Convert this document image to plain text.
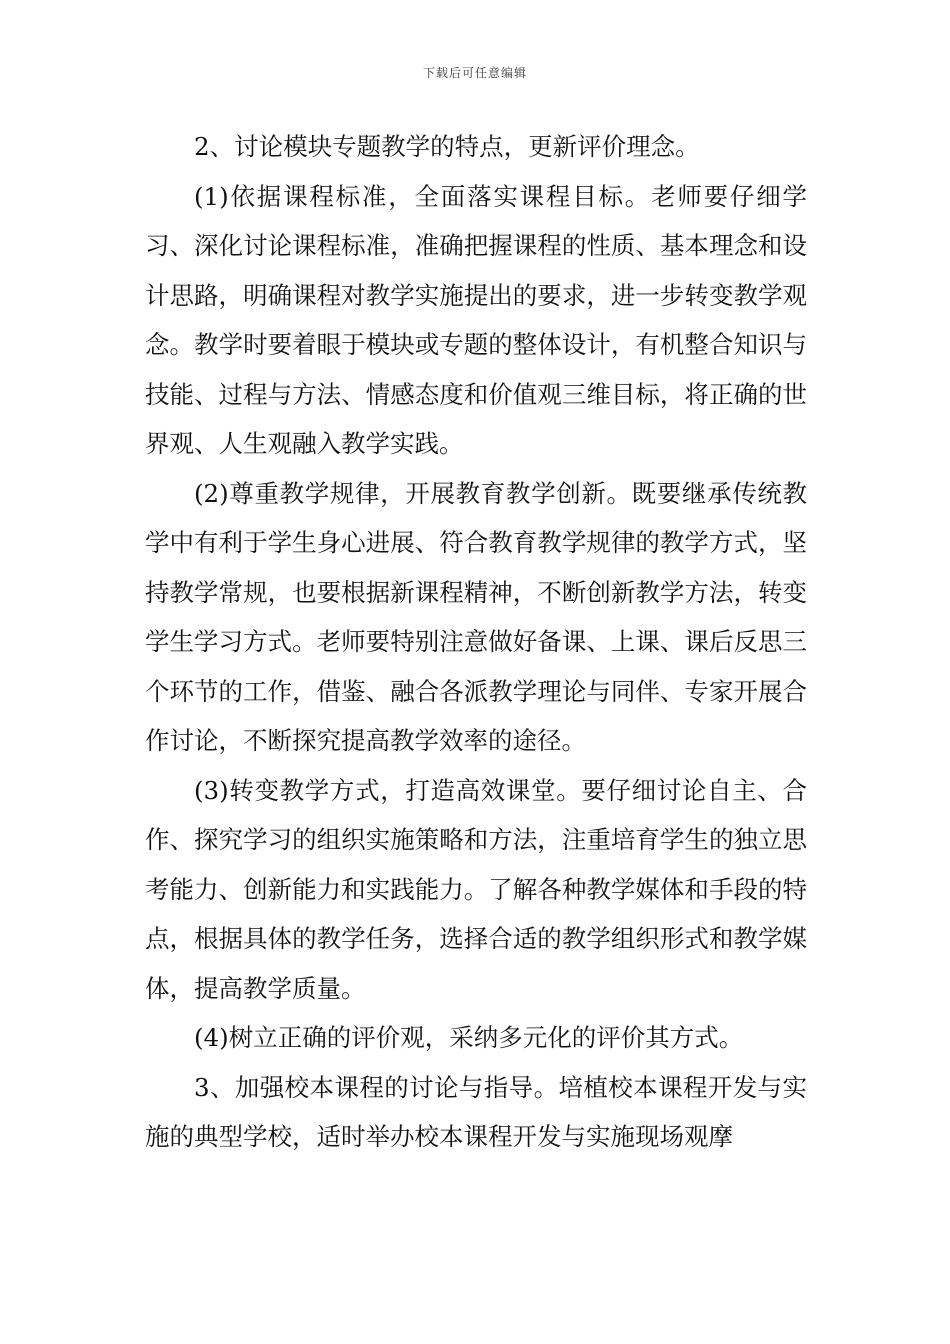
下载后可任意编辑

2、讨论模块专题教学的特点，更新评价理念。

(1)依据课程标准，全面落实课程目标。老师要仔细学习、深化讨论课程标准，准确把握课程的性质、基本理念和设计思路，明确课程对教学实施提出的要求，进一步转变教学观念。教学时要着眼于模块或专题的整体设计，有机整合知识与技能、过程与方法、情感态度和价值观三维目标，将正确的世界观、人生观融入教学实践。

(2)尊重教学规律，开展教育教学创新。既要继承传统教学中有利于学生身心进展、符合教育教学规律的教学方式，坚持教学常规，也要根据新课程精神，不断创新教学方法，转变学生学习方式。老师要特别注意做好备课、上课、课后反思三个环节的工作，借鉴、融合各派教学理论与同伴、专家开展合作讨论，不断探究提高教学效率的途径。

(3)转变教学方式，打造高效课堂。要仔细讨论自主、合作、探究学习的组织实施策略和方法，注重培育学生的独立思考能力、创新能力和实践能力。了解各种教学媒体和手段的特点，根据具体的教学任务，选择合适的教学组织形式和教学媒体，提高教学质量。

(4)树立正确的评价观，采纳多元化的评价其方式。

3、加强校本课程的讨论与指导。培植校本课程开发与实施的典型学校，适时举办校本课程开发与实施现场观摩
